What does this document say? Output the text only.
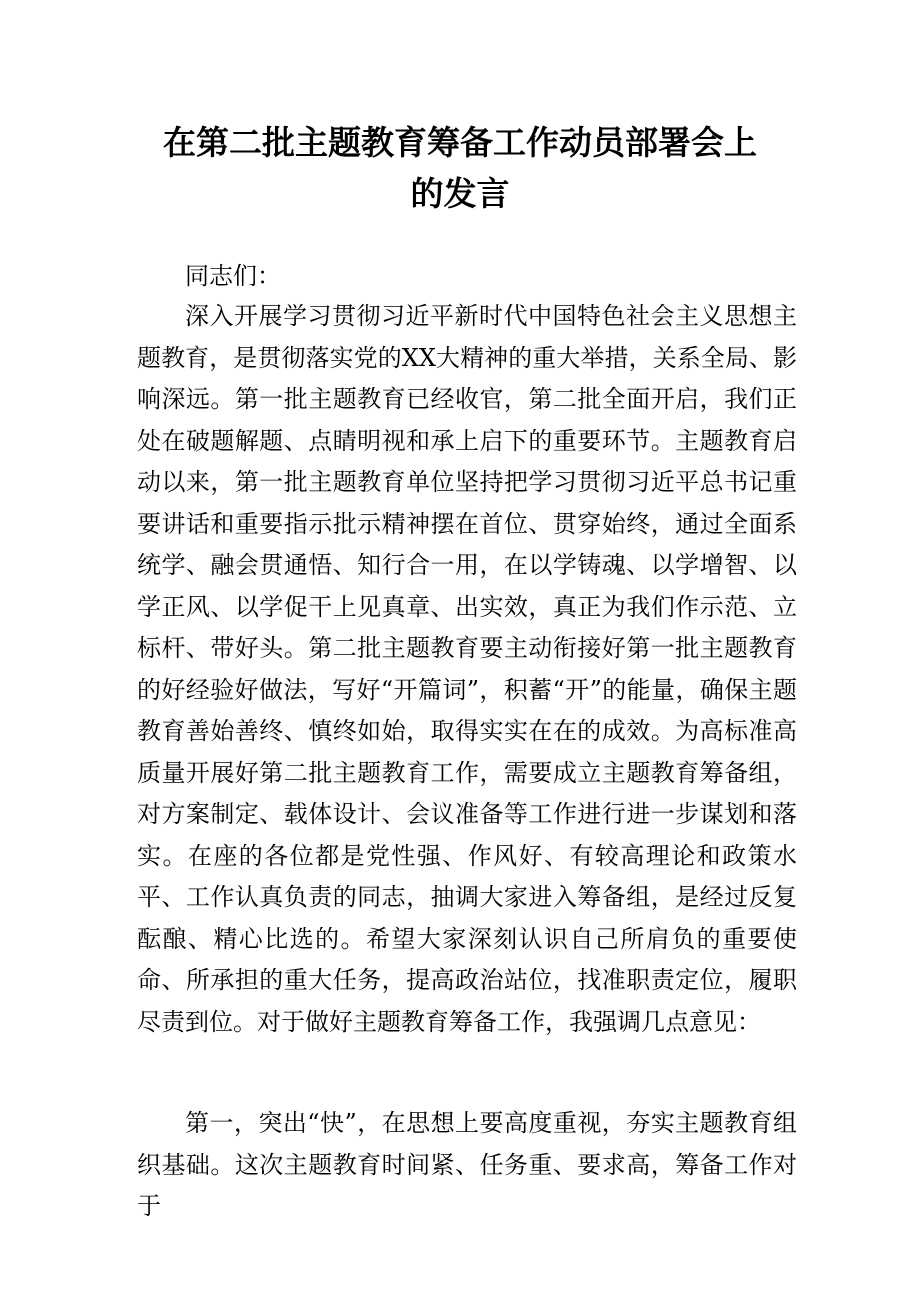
在第二批主题教育筹备工作动员部署会上
的发言

同志们：

深入开展学习贯彻习近平新时代中国特色社会主义思想主题教育，是贯彻落实党的XX大精神的重大举措，关系全局、影响深远。第一批主题教育已经收官，第二批全面开启，我们正处在破题解题、点睛明视和承上启下的重要环节。主题教育启动以来，第一批主题教育单位坚持把学习贯彻习近平总书记重要讲话和重要指示批示精神摆在首位、贯穿始终，通过全面系统学、融会贯通悟、知行合一用，在以学铸魂、以学增智、以学正风、以学促干上见真章、出实效，真正为我们作示范、立标杆、带好头。第二批主题教育要主动衔接好第一批主题教育的好经验好做法，写好“开篇词”，积蓄“开”的能量，确保主题教育善始善终、慎终如始，取得实实在在的成效。为高标准高质量开展好第二批主题教育工作，需要成立主题教育筹备组，对方案制定、载体设计、会议准备等工作进行进一步谋划和落实。在座的各位都是党性强、作风好、有较高理论和政策水平、工作认真负责的同志，抽调大家进入筹备组，是经过反复酝酿、精心比选的。希望大家深刻认识自己所肩负的重要使命、所承担的重大任务，提高政治站位，找准职责定位，履职尽责到位。对于做好主题教育筹备工作，我强调几点意见：

第一，突出“快”，在思想上要高度重视，夯实主题教育组织基础。这次主题教育时间紧、任务重、要求高，筹备工作对于
